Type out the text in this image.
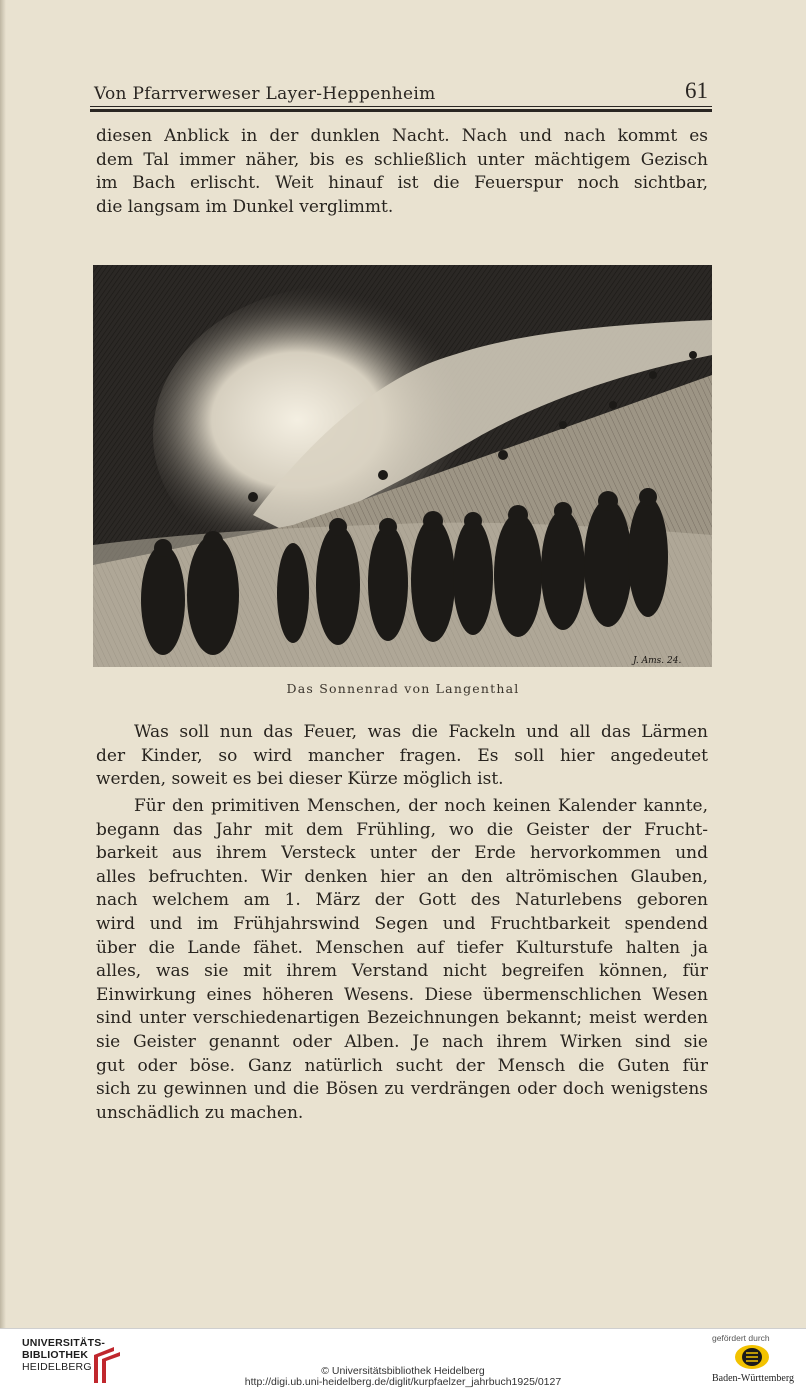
Von Pfarrverweser Layer-Heppenheim	61
diesen Anblick in der dunklen Nacht. Nach und nach kommt es
dem Tal immer näher, bis es schließlich unter mächtigem Gezisch
im Bach erlischt. Weit hinauf ist die Feuerspur noch sichtbar,
die langsam im Dunkel verglimmt.
J. Ams. 24.
Das Sonnenrad von Langenthal
Was soll nun das Feuer, was die Fackeln und all das Lärmen
der Kinder, so wird mancher fragen. Es soll hier angedeutet
werden, soweit es bei dieser Kürze möglich ist.
Für den primitiven Menschen, der noch keinen Kalender kannte,
begann das Jahr mit dem Frühling, wo die Geister der Frucht-
barkeit aus ihrem Versteck unter der Erde hervorkommen und
alles befruchten. Wir denken hier an den altrömischen Glauben,
nach welchem am 1. März der Gott des Naturlebens geboren
wird und im Frühjahrswind Segen und Fruchtbarkeit spendend
über die Lande fähet. Menschen auf tiefer Kulturstufe halten ja
alles, was sie mit ihrem Verstand nicht begreifen können, für
Einwirkung eines höheren Wesens. Diese übermenschlichen Wesen
sind unter verschiedenartigen Bezeichnungen bekannt; meist werden
sie Geister genannt oder Alben. Je nach ihrem Wirken sind sie
gut oder böse. Ganz natürlich sucht der Mensch die Guten für
sich zu gewinnen und die Bösen zu verdrängen oder doch wenigstens
unschädlich zu machen.
UNIVERSITÄTS-
BIBLIOTHEK
HEIDELBERG	© Universitätsbibliothek Heidelberg
http://digi.ub.uni-heidelberg.de/diglit/kurpfaelzer_jahrbuch1925/0127
gefördert durch
Baden-Württemberg
